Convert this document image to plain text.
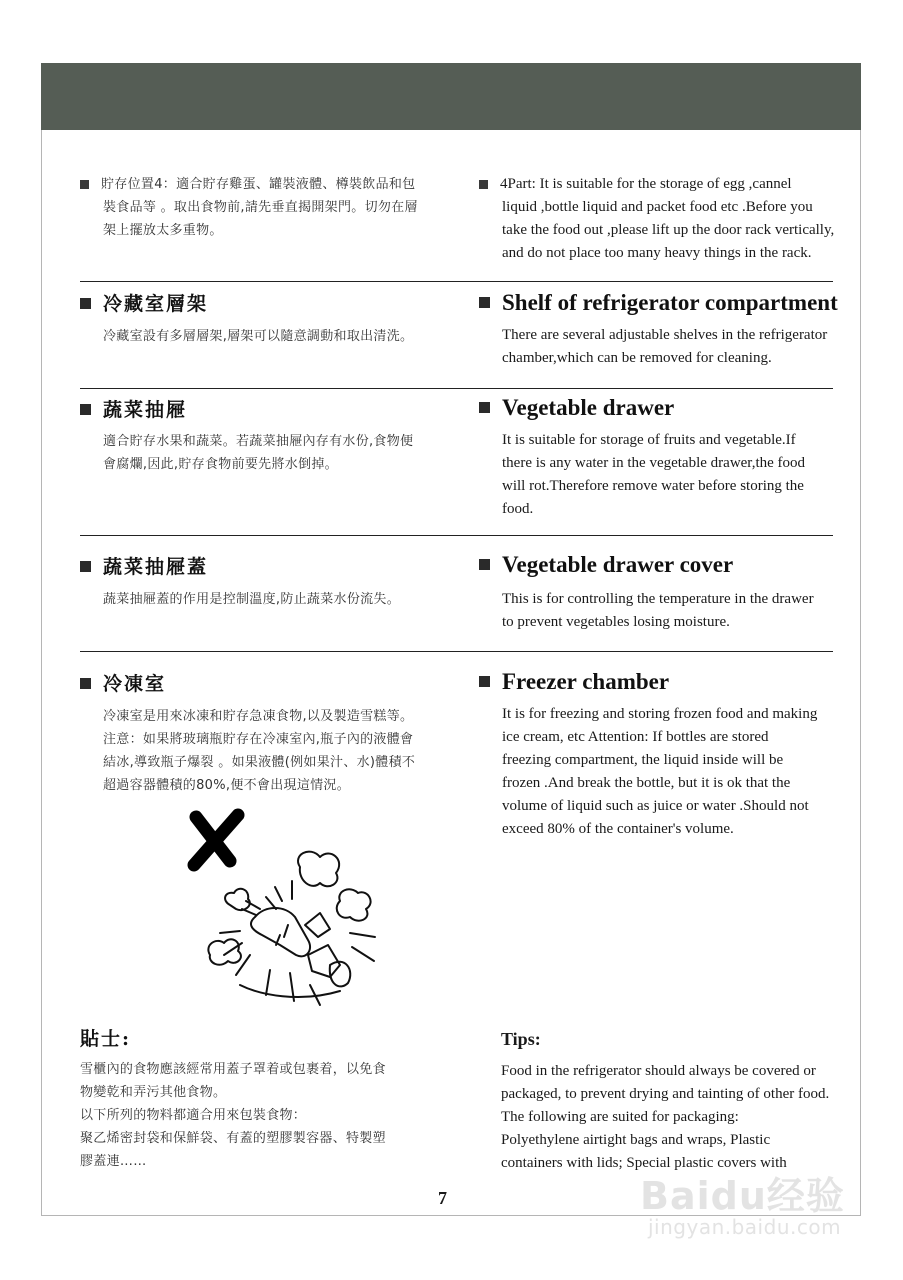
貯存位置4：適合貯存雞蛋、罐裝液體、樽裝飲品和包
裝食品等 。取出食物前,請先垂直揭開架門。切勿在層
架上擺放太多重物。
4Part: It is suitable for the storage of egg ,cannel
liquid ,bottle liquid and packet food etc .Before you
take the food out ,please lift up the door rack vertically,
and do not place too many heavy things in the rack.
冷藏室層架
冷藏室設有多層層架,層架可以隨意調動和取出清洗。
Shelf of refrigerator compartment
There are several adjustable shelves in the refrigerator
chamber,which can be removed for cleaning.
蔬菜抽屜
適合貯存水果和蔬菜。若蔬菜抽屜內存有水份,食物便
會腐爛,因此,貯存食物前要先將水倒掉。
Vegetable drawer
It is suitable for storage of fruits and vegetable.If
there is any water in the vegetable drawer,the food
will rot.Therefore remove water before storing the
food.
蔬菜抽屜蓋
蔬菜抽屜蓋的作用是控制溫度,防止蔬菜水份流失。
Vegetable drawer cover
This is for controlling the temperature in the drawer
to prevent vegetables losing moisture.
冷凍室
冷凍室是用來冰凍和貯存急凍食物,以及製造雪糕等。
注意：如果將玻璃瓶貯存在冷凍室內,瓶子內的液體會
結冰,導致瓶子爆裂 。如果液體(例如果汁、水)體積不
超過容器體積的80%,便不會出現這情況。
Freezer chamber
It is for freezing and storing frozen food and making
ice cream, etc Attention: If bottles are stored
freezing compartment, the liquid inside will be
frozen .And break the bottle, but it is ok that the
volume of liquid such as juice or water .Should not
exceed 80% of the container's volume.
貼士:
雪櫃內的食物應該經常用蓋子罩着或包裹着，以免食
物變乾和弄污其他食物。
以下所列的物料都適合用來包裝食物：
聚乙烯密封袋和保鮮袋、有蓋的塑膠製容器、特製塑
膠蓋連……
Tips:
Food in the refrigerator should always be covered or
packaged, to prevent drying and tainting of other food.
The following are suited for packaging:
Polyethylene airtight bags and wraps, Plastic
containers with lids; Special plastic covers with
7	Baidu经验
jingyan.baidu.com
